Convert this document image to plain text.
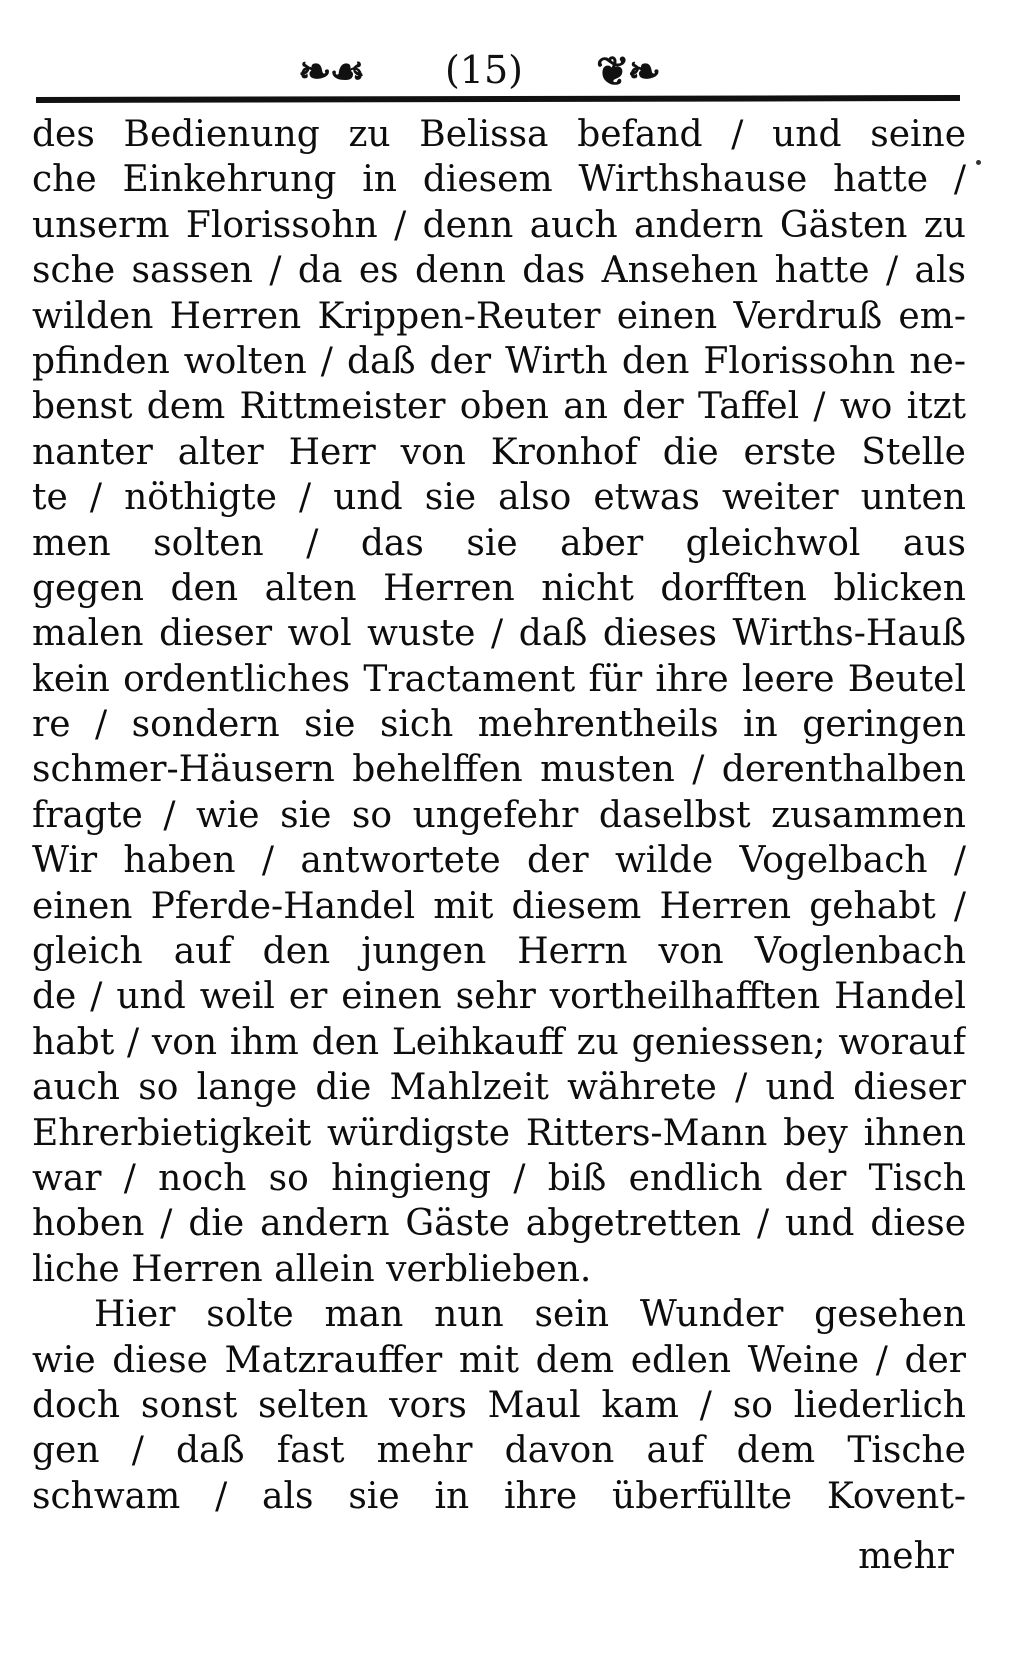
❧☙ (15) ❦❧
des Bedienung zu Belissa befand / und seine
che Einkehrung in diesem Wirthshause hatte /
unserm Florissohn / denn auch andern Gästen zu
sche sassen / da es denn das Ansehen hatte / als
wilden Herren Krippen-Reuter einen Verdruß em-
pfinden wolten / daß der Wirth den Florissohn ne-
benst dem Rittmeister oben an der Taffel / wo itzt
nanter alter Herr von Kronhof die erste Stelle
te / nöthigte / und sie also etwas weiter unten
men solten / das sie aber gleichwol aus
gegen den alten Herren nicht dorfften blicken
malen dieser wol wuste / daß dieses Wirths-Hauß
kein ordentliches Tractament für ihre leere Beutel
re / sondern sie sich mehrentheils in geringen
schmer-Häusern behelffen musten / derenthalben
fragte / wie sie so ungefehr daselbst zusammen
Wir haben / antwortete der wilde Vogelbach /
einen Pferde-Handel mit diesem Herren gehabt /
gleich auf den jungen Herrn von Voglenbach
de / und weil er einen sehr vortheilhafften Handel
habt / von ihm den Leihkauff zu geniessen; worauf
auch so lange die Mahlzeit währete / und dieser
Ehrerbietigkeit würdigste Ritters-Mann bey ihnen
war / noch so hingieng / biß endlich der Tisch
hoben / die andern Gäste abgetretten / und diese
liche Herren allein verblieben.
Hier solte man nun sein Wunder gesehen
wie diese Matzrauffer mit dem edlen Weine / der
doch sonst selten vors Maul kam / so liederlich
gen / daß fast mehr davon auf dem Tische
schwam / als sie in ihre überfüllte Kovent-
mehr
